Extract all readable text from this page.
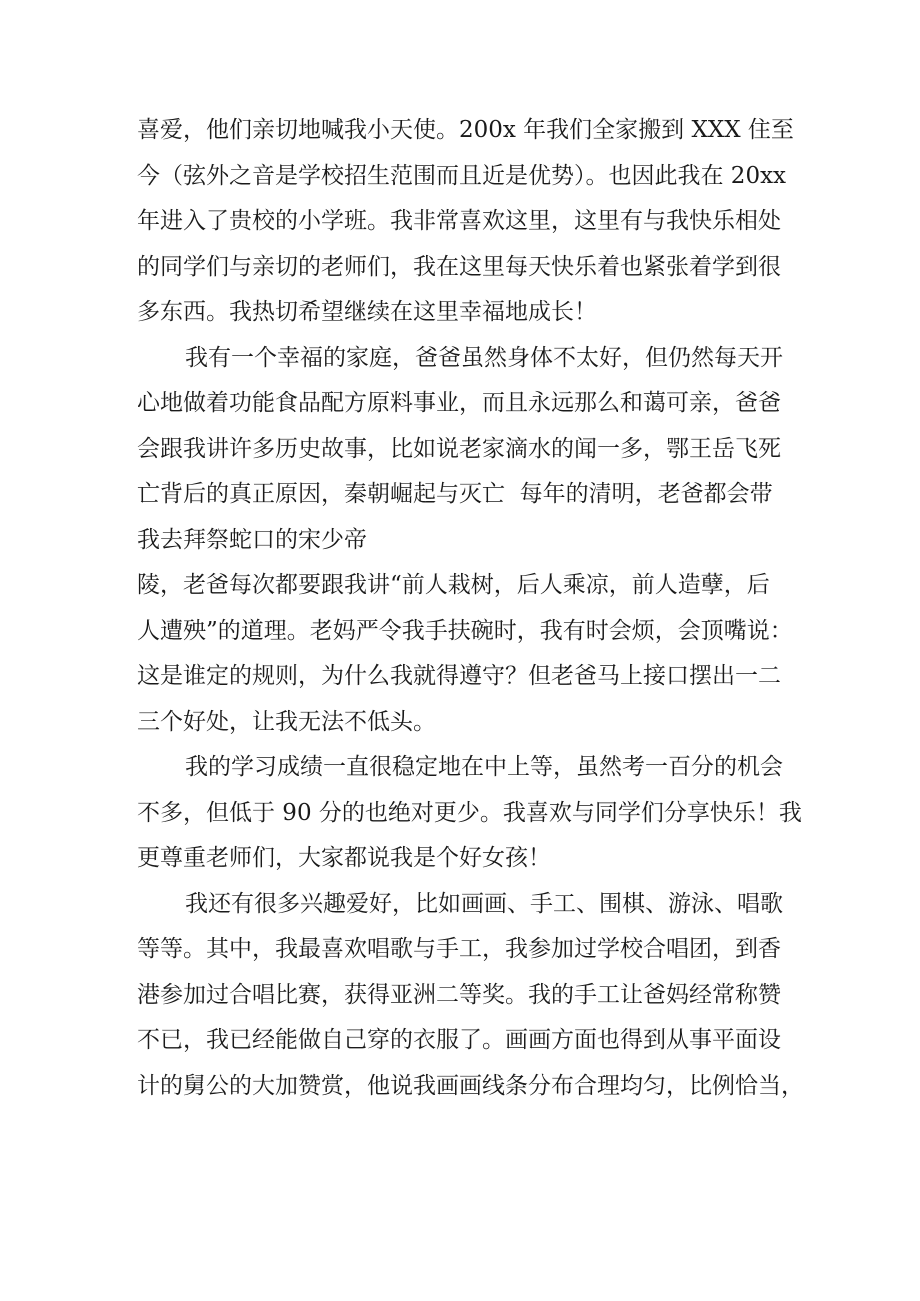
喜爱，他们亲切地喊我小天使。200x 年我们全家搬到 XXX 住至
今（弦外之音是学校招生范围而且近是优势）。也因此我在 20xx
年进入了贵校的小学班。我非常喜欢这里，这里有与我快乐相处
的同学们与亲切的老师们，我在这里每天快乐着也紧张着学到很
多东西。我热切希望继续在这里幸福地成长！
我有一个幸福的家庭，爸爸虽然身体不太好，但仍然每天开
心地做着功能食品配方原料事业，而且永远那么和蔼可亲，爸爸
会跟我讲许多历史故事，比如说老家滴水的闻一多，鄂王岳飞死
亡背后的真正原因，秦朝崛起与灭亡  每年的清明，老爸都会带
我去拜祭蛇口的宋少帝
陵，老爸每次都要跟我讲“前人栽树，后人乘凉，前人造孽，后
人遭殃”的道理。老妈严令我手扶碗时，我有时会烦，会顶嘴说：
这是谁定的规则，为什么我就得遵守？但老爸马上接口摆出一二
三个好处，让我无法不低头。
我的学习成绩一直很稳定地在中上等，虽然考一百分的机会
不多，但低于 90 分的也绝对更少。我喜欢与同学们分享快乐！我
更尊重老师们，大家都说我是个好女孩！
我还有很多兴趣爱好，比如画画、手工、围棋、游泳、唱歌
等等。其中，我最喜欢唱歌与手工，我参加过学校合唱团，到香
港参加过合唱比赛，获得亚洲二等奖。我的手工让爸妈经常称赞
不已，我已经能做自己穿的衣服了。画画方面也得到从事平面设
计的舅公的大加赞赏，他说我画画线条分布合理均匀，比例恰当，
